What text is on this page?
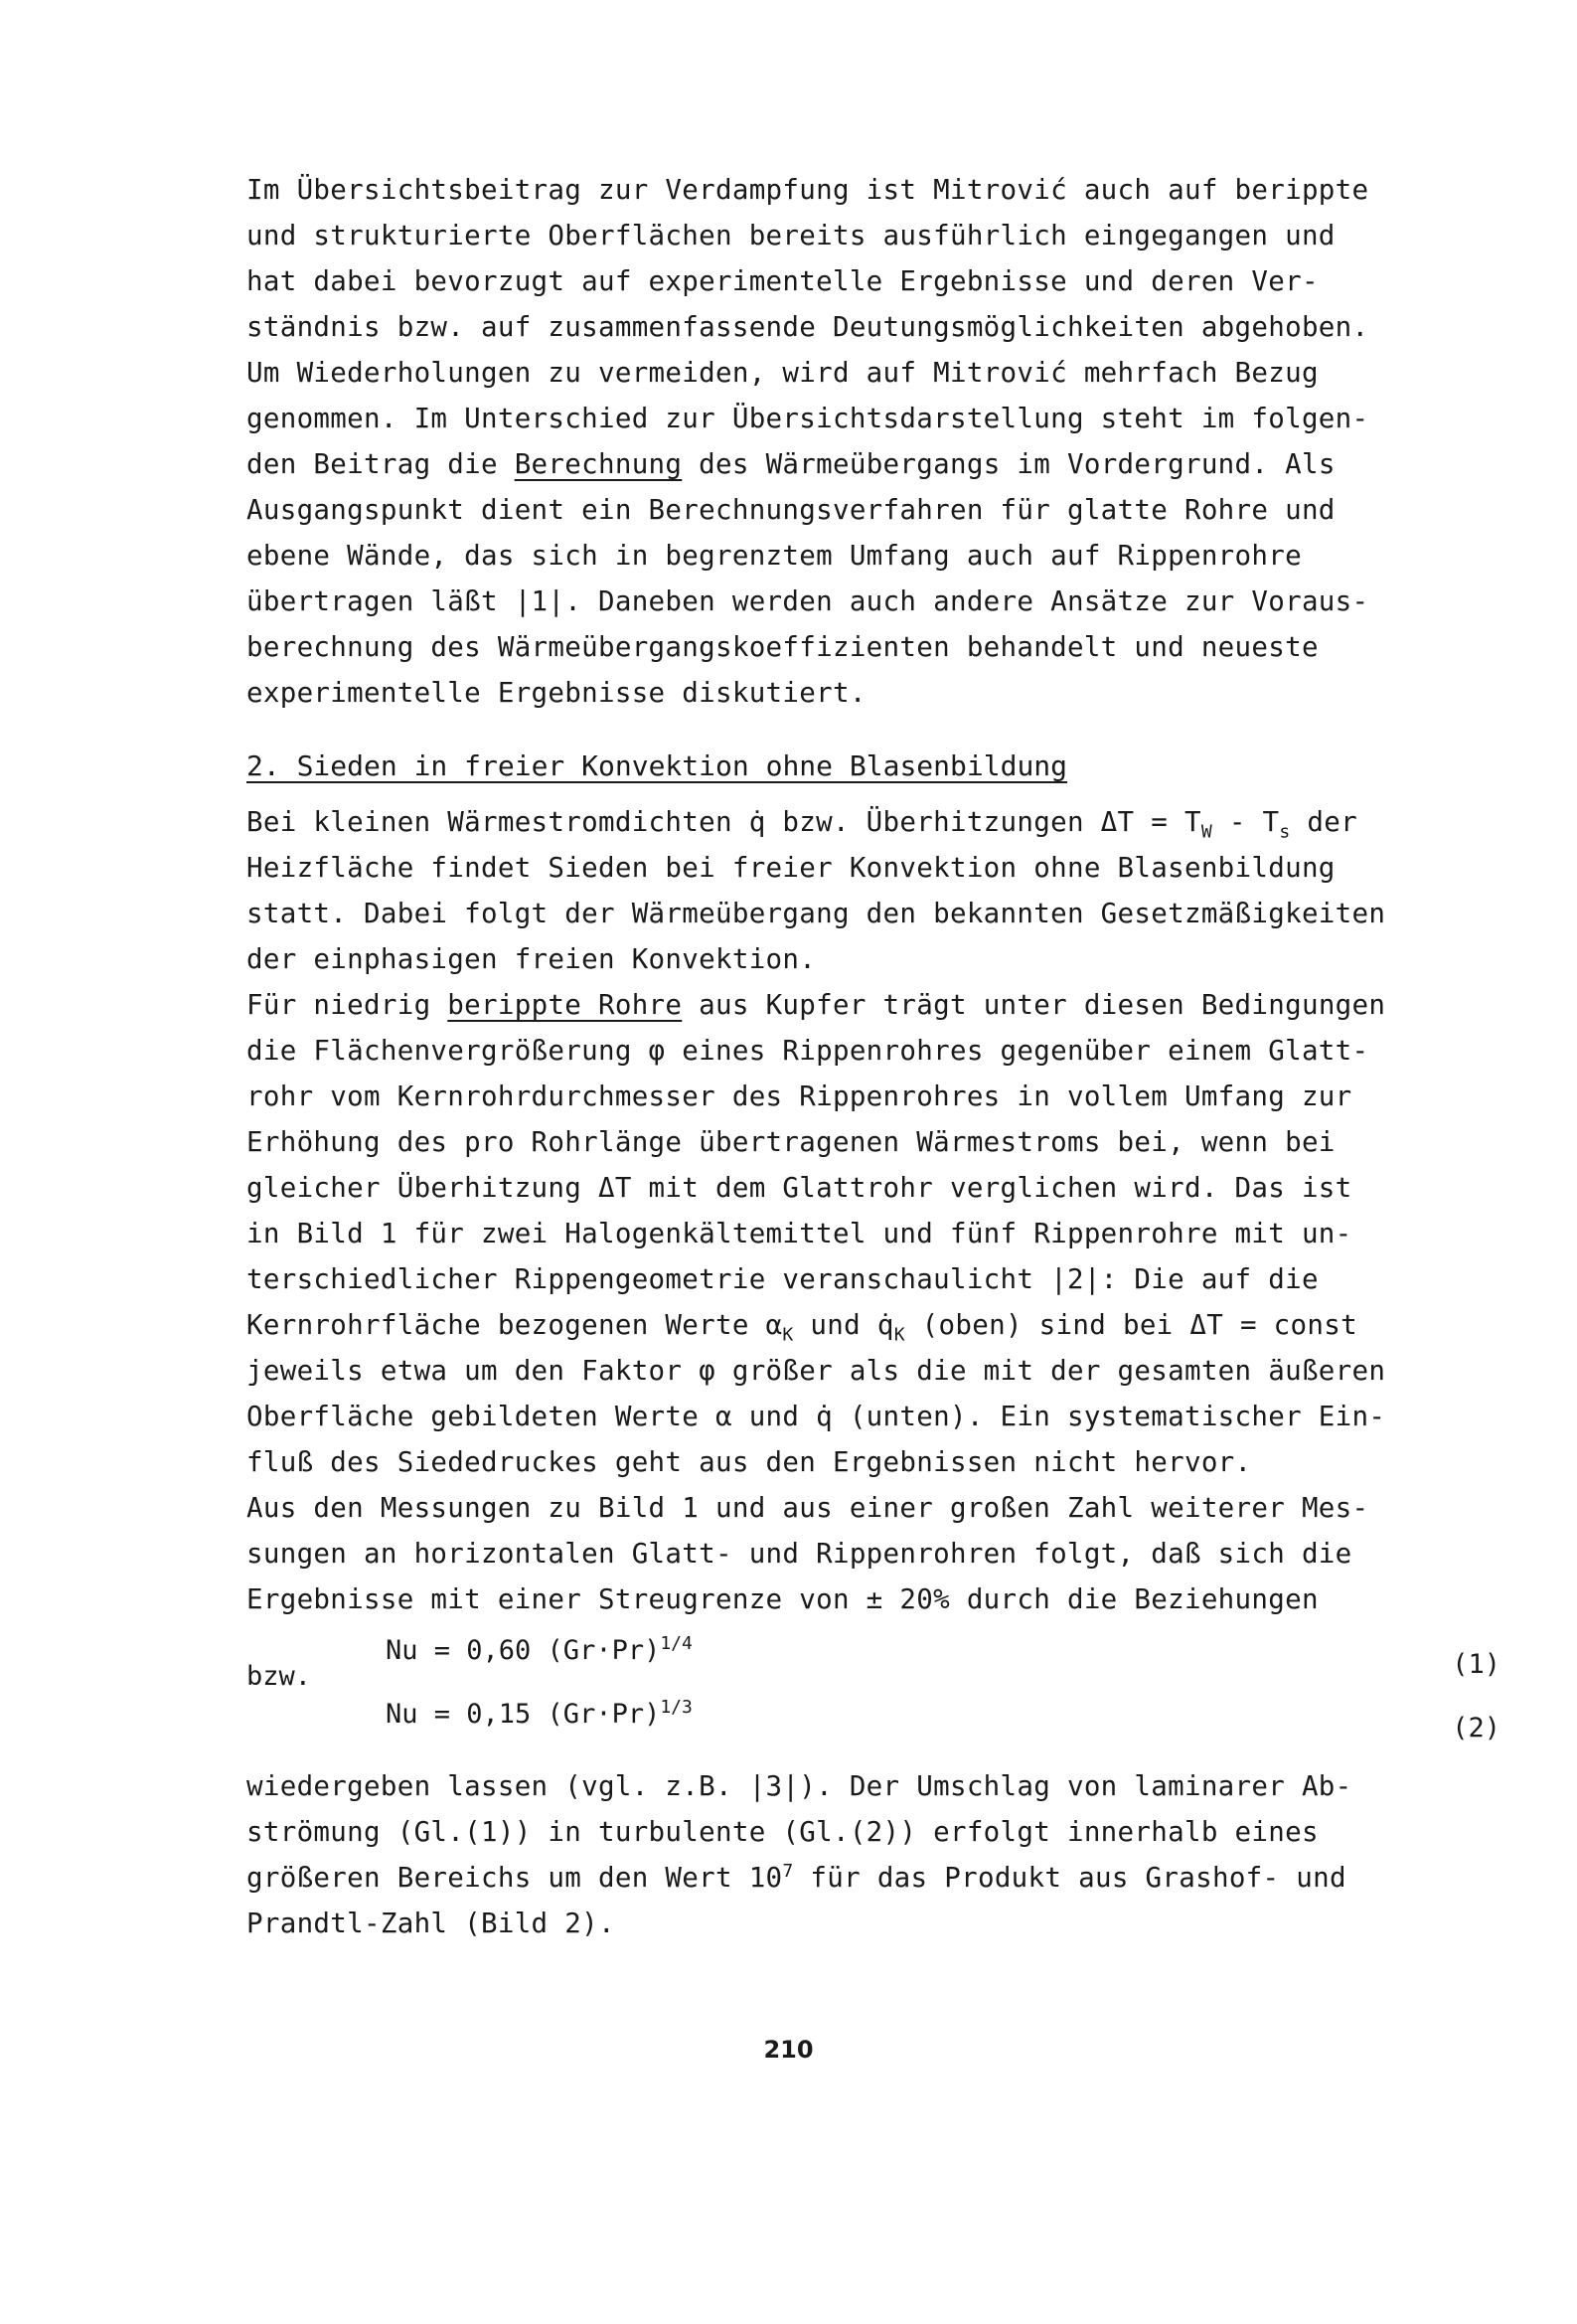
Im Übersichtsbeitrag zur Verdampfung ist Mitrović auch auf berippte
und strukturierte Oberflächen bereits ausführlich eingegangen und
hat dabei bevorzugt auf experimentelle Ergebnisse und deren Ver-
ständnis bzw. auf zusammenfassende Deutungsmöglichkeiten abgehoben.
Um Wiederholungen zu vermeiden, wird auf Mitrović mehrfach Bezug
genommen. Im Unterschied zur Übersichtsdarstellung steht im folgen-
den Beitrag die Berechnung des Wärmeübergangs im Vordergrund. Als
Ausgangspunkt dient ein Berechnungsverfahren für glatte Rohre und
ebene Wände, das sich in begrenztem Umfang auch auf Rippenrohre
übertragen läßt |1|. Daneben werden auch andere Ansätze zur Voraus-
berechnung des Wärmeübergangskoeffizienten behandelt und neueste
experimentelle Ergebnisse diskutiert.
2. Sieden in freier Konvektion ohne Blasenbildung
Bei kleinen Wärmestromdichten q̇ bzw. Überhitzungen $\Delta T = T_W - T_s$ der
Heizfläche findet Sieden bei freier Konvektion ohne Blasenbildung
statt. Dabei folgt der Wärmeübergang den bekannten Gesetzmäßigkeiten
der einphasigen freien Konvektion.
Für niedrig berippte Rohre aus Kupfer trägt unter diesen Bedingungen
die Flächenvergrößerung φ eines Rippenrohres gegenüber einem Glatt-
rohr vom Kernrohrdurchmesser des Rippenrohres in vollem Umfang zur
Erhöhung des pro Rohrlänge übertragenen Wärmestroms bei, wenn bei
gleicher Überhitzung ΔT mit dem Glattrohr verglichen wird. Das ist
in Bild 1 für zwei Halogenkältemittel und fünf Rippenrohre mit un-
terschiedlicher Rippengeometrie veranschaulicht |2|: Die auf die
Kernrohrfläche bezogenen Werte $\alpha_K$ und $q̇_K$ (oben) sind bei ΔT = const
jeweils etwa um den Faktor φ größer als die mit der gesamten äußeren
Oberfläche gebildeten Werte α und q̇ (unten). Ein systematischer Ein-
fluß des Siededruckes geht aus den Ergebnissen nicht hervor.
Aus den Messungen zu Bild 1 und aus einer großen Zahl weiterer Mes-
sungen an horizontalen Glatt- und Rippenrohren folgt, daß sich die
Ergebnisse mit einer Streugrenze von ± 20% durch die Beziehungen

Nu = 0,60 $(Gr\cdot Pr)^{1/4}$

(1)

bzw.

Nu = 0,15 $(Gr\cdot Pr)^{1/3}$

(2)

wiedergeben lassen (vgl. z.B. |3|). Der Umschlag von laminarer Ab-
strömung (Gl.(1)) in turbulente (Gl.(2)) erfolgt innerhalb eines
größeren Bereichs um den Wert $10^7$ für das Produkt aus Grashof- und
Prandtl-Zahl (Bild 2).
210
